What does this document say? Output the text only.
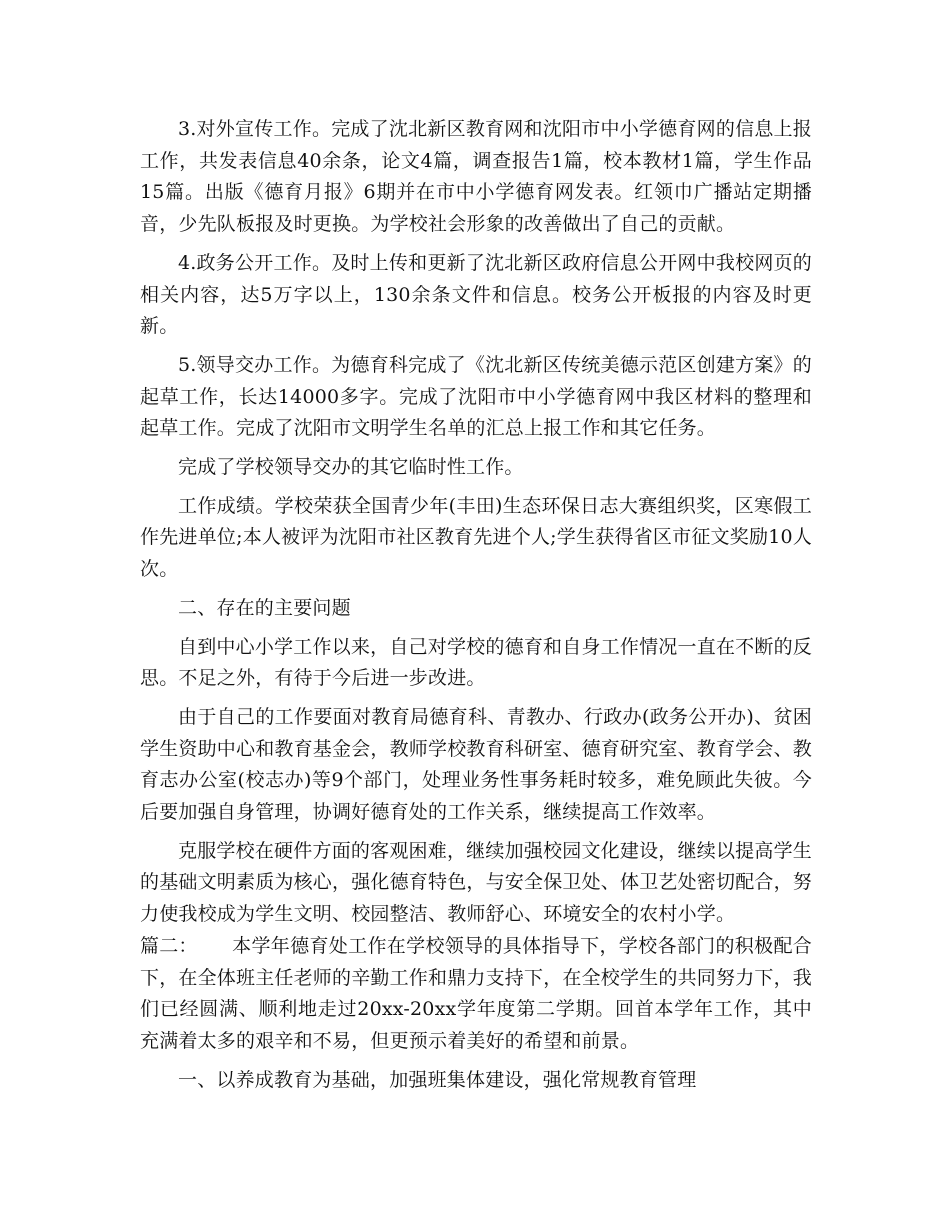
3.对外宣传工作。完成了沈北新区教育网和沈阳市中小学德育网的信息上报工作，共发表信息40余条，论文4篇，调查报告1篇，校本教材1篇，学生作品15篇。出版《德育月报》6期并在市中小学德育网发表。红领巾广播站定期播音，少先队板报及时更换。为学校社会形象的改善做出了自己的贡献。

4.政务公开工作。及时上传和更新了沈北新区政府信息公开网中我校网页的相关内容，达5万字以上，130余条文件和信息。校务公开板报的内容及时更新。

5.领导交办工作。为德育科完成了《沈北新区传统美德示范区创建方案》的起草工作，长达14000多字。完成了沈阳市中小学德育网中我区材料的整理和起草工作。完成了沈阳市文明学生名单的汇总上报工作和其它任务。

完成了学校领导交办的其它临时性工作。

工作成绩。学校荣获全国青少年(丰田)生态环保日志大赛组织奖，区寒假工作先进单位;本人被评为沈阳市社区教育先进个人;学生获得省区市征文奖励10人次。

二、存在的主要问题

自到中心小学工作以来，自己对学校的德育和自身工作情况一直在不断的反思。不足之外，有待于今后进一步改进。

由于自己的工作要面对教育局德育科、青教办、行政办(政务公开办)、贫困学生资助中心和教育基金会，教师学校教育科研室、德育研究室、教育学会、教育志办公室(校志办)等9个部门，处理业务性事务耗时较多，难免顾此失彼。今后要加强自身管理，协调好德育处的工作关系，继续提高工作效率。

克服学校在硬件方面的客观困难，继续加强校园文化建设，继续以提高学生的基础文明素质为核心，强化德育特色，与安全保卫处、体卫艺处密切配合，努力使我校成为学生文明、校园整洁、教师舒心、环境安全的农村小学。

篇二： 本学年德育处工作在学校领导的具体指导下，学校各部门的积极配合下，在全体班主任老师的辛勤工作和鼎力支持下，在全校学生的共同努力下，我们已经圆满、顺利地走过20xx-20xx学年度第二学期。回首本学年工作，其中充满着太多的艰辛和不易，但更预示着美好的希望和前景。

一、以养成教育为基础，加强班集体建设，强化常规教育管理
